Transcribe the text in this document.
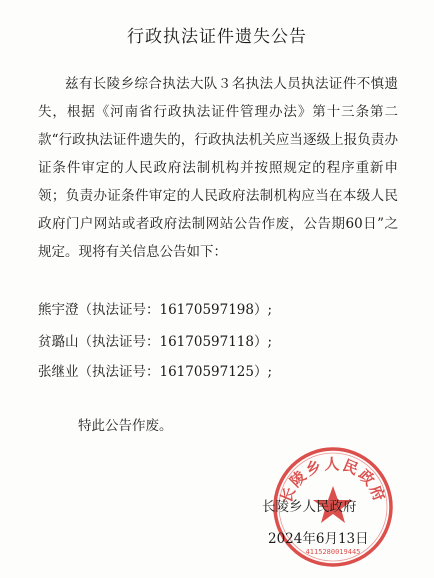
行政执法证件遗失公告
兹有长陵乡综合执法大队３名执法人员执法证件不慎遗失，根据《河南省行政执法证件管理办法》第十三条第二款“行政执法证件遗失的，行政执法机关应当逐级上报负责办证条件审定的人民政府法制机构并按照规定的程序重新申领；负责办证条件审定的人民政府法制机构应当在本级人民政府门户网站或者政府法制网站公告作废，公告期60日”之规定。现将有关信息公告如下：
熊宇澄（执法证号：16170597198）;
贫璐山（执法证号：16170597118）;
张继业（执法证号：16170597125）;
特此公告作废。
长陵乡人民政府
4115280019445
长陵乡人民政府
2024年6月13日
